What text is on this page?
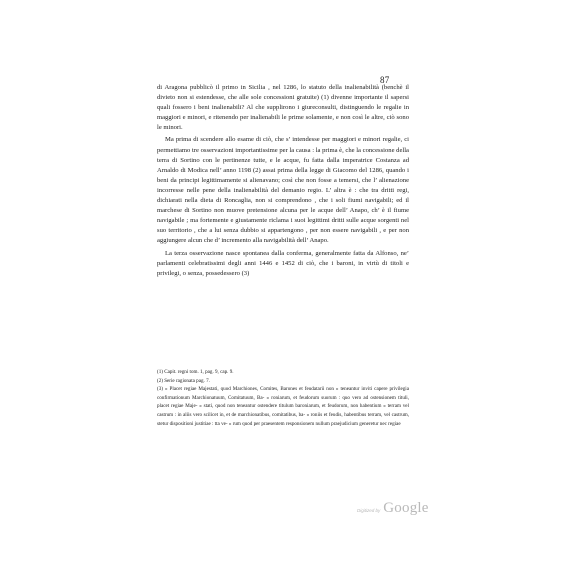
87

di Aragona pubblicò il primo in Sicilia , nel 1286, lo statuto della inalienabilità (benchè il divieto non si estendesse, che alle sole concessioni gratuite) (1) divenne importante il sapersi quali fossero i beni inalienabili? Al che supplirono i giureconsulti, distinguendo le regalie in maggiori e minori, e ritenendo per inalienabili le prime solamente, e non così le altre, ciò sono le minori.

Ma prima di scendere allo esame di ciò, che s’ intendesse per maggiori e minori regalie, ci permettiamo tre osservazioni importantissime per la causa : la prima è, che la concessione della terra di Sortino con le pertinenze tutte, e le acque, fu fatta dalla imperatrice Costanza ad Arnaldo di Modica nell’ anno 1198 (2) assai prima della legge di Giacomo del 1286, quando i beni da principi legittimamente si alienavano; così che non fosse a temersi, che l’ alienazione incorresse nelle pene della inalienabilità del demanio regio. L’ altra è : che tra dritti regi, dichiarati nella dieta di Roncaglia, non si comprendono , che i soli fiumi navigabili; ed il marchese di Sortino non muove pretensione alcuna per le acque dell’ Anapo, ch’ è il fiume navigabile ; ma fortemente e giustamente riclama i suoi legittimi dritti sulle acque sorgenti nel suo territorio , che a lui senza dubbio si appartengono , per non essere navigabili , e per non aggiungere alcun che d’ incremento alla navigabilità dell’ Anapo.

La terza osservazione nasce spontanea dalla conferma, generalmente fatta da Alfonso, ne’ parlamenti celebratissimi degli anni 1446 e 1452 di ciò, che i baroni, in virtù di titoli e privilegi, o senza, possedessero (3)

(1) Capit. regni tom. 1, pag. 9, cap. 9.

(2) Serie ragionata pag. 7.

(3) » Placet regiae Majestati, quod Marchiones, Comites, Barones et feudatarii non » teneantur inviti capere privilegia confirmationum Marchionatuum, Comitatuum, Ba- » roniarum, et feudorum suorum : quo vero ad ostensionem tituli, placet regiae Maje- » stati, quod non teneantur ostendere titulum baroniarum, et feudorum, non habentium » terram vel castrum : in aliis vero scilicet in, et de marchionatibus, comitatibus, ba- » roniis et feudis, habentibus terram, vel castrum, stetur dispositioni justitiae : tta ve- » rum quod per praesentem responsionem nullum praejudicium generetur nec regiae

Digitized by Google
